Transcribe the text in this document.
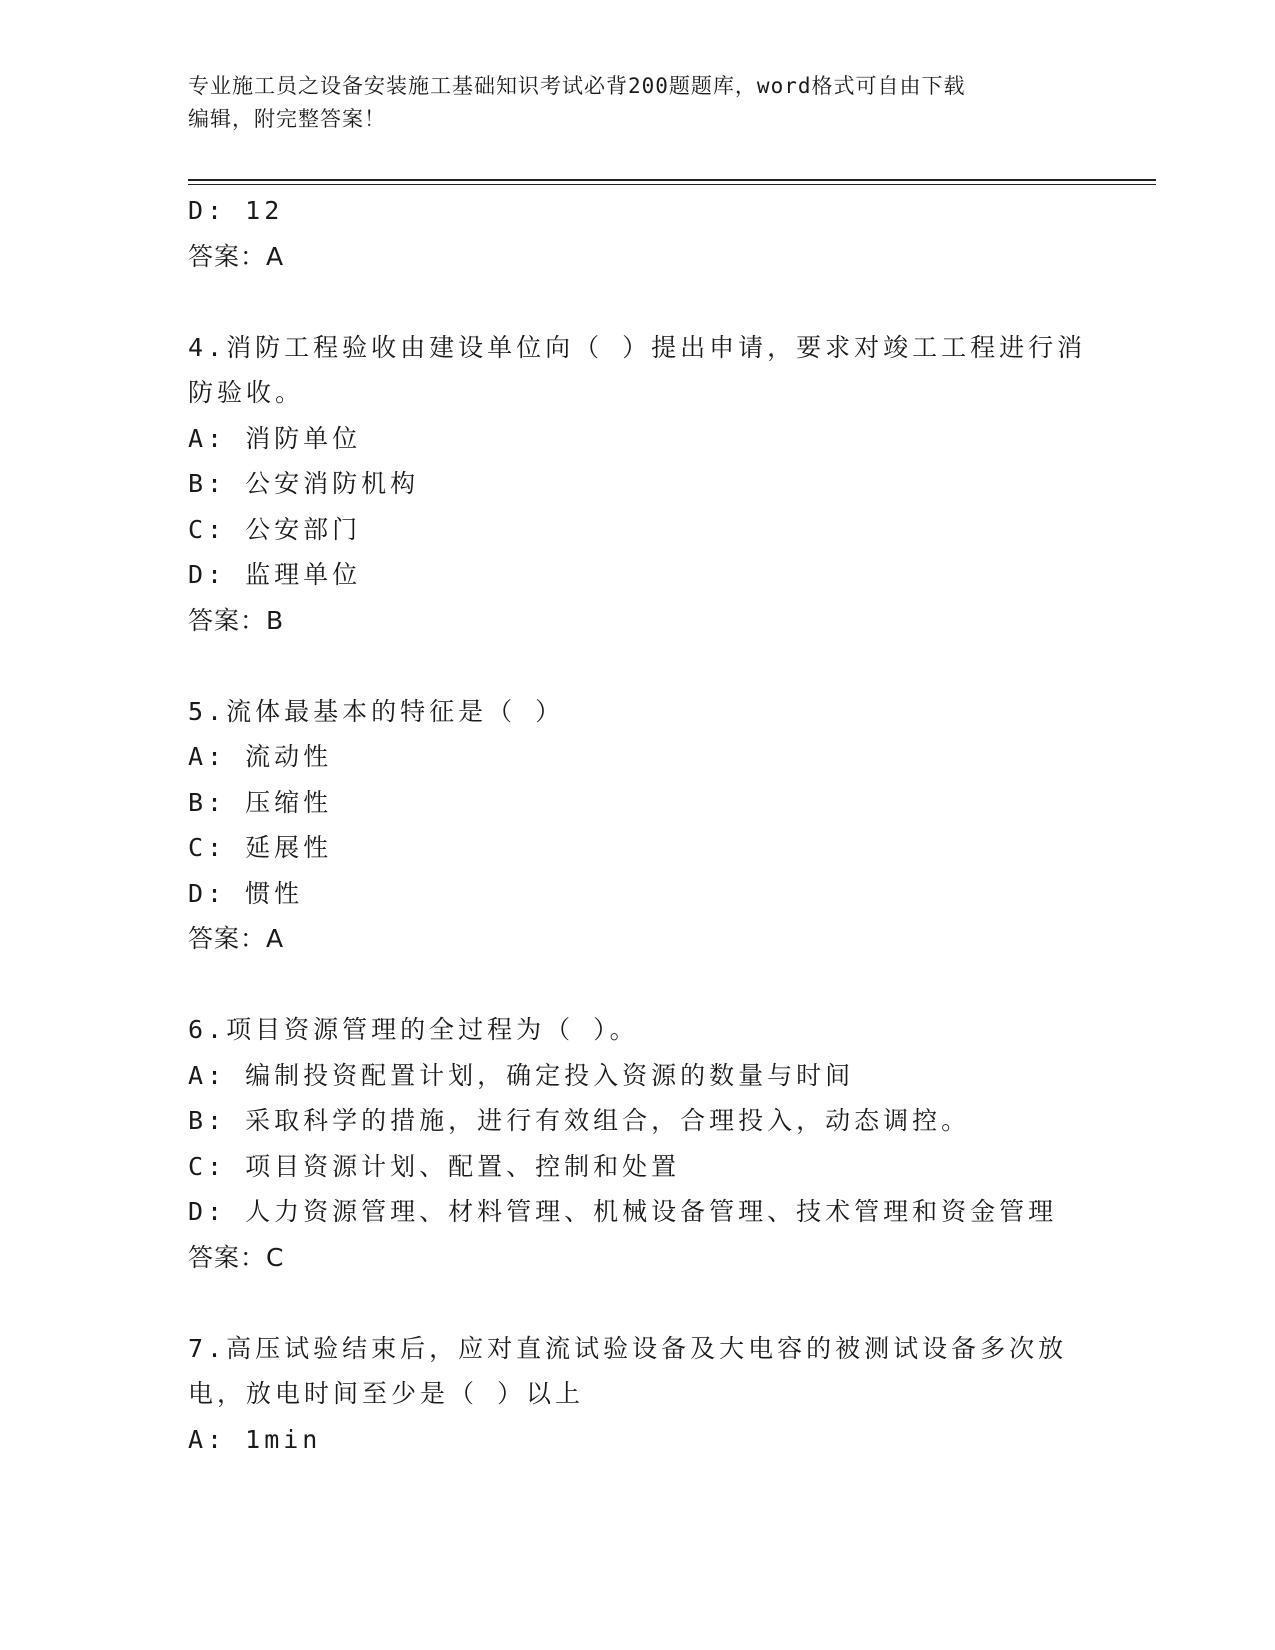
专业施工员之设备安装施工基础知识考试必背200题题库，word格式可自由下载
编辑，附完整答案！
D: 12
答案：A
4.消防工程验收由建设单位向（ ）提出申请，要求对竣工工程进行消
防验收。
A: 消防单位
B: 公安消防机构
C: 公安部门
D: 监理单位
答案：B
5.流体最基本的特征是（ ）
A: 流动性
B: 压缩性
C: 延展性
D: 惯性
答案：A
6.项目资源管理的全过程为（ ）。
A: 编制投资配置计划，确定投入资源的数量与时间
B: 采取科学的措施，进行有效组合，合理投入，动态调控。
C: 项目资源计划、配置、控制和处置
D: 人力资源管理、材料管理、机械设备管理、技术管理和资金管理
答案：C
7.高压试验结束后，应对直流试验设备及大电容的被测试设备多次放
电，放电时间至少是（ ）以上
A: 1min
